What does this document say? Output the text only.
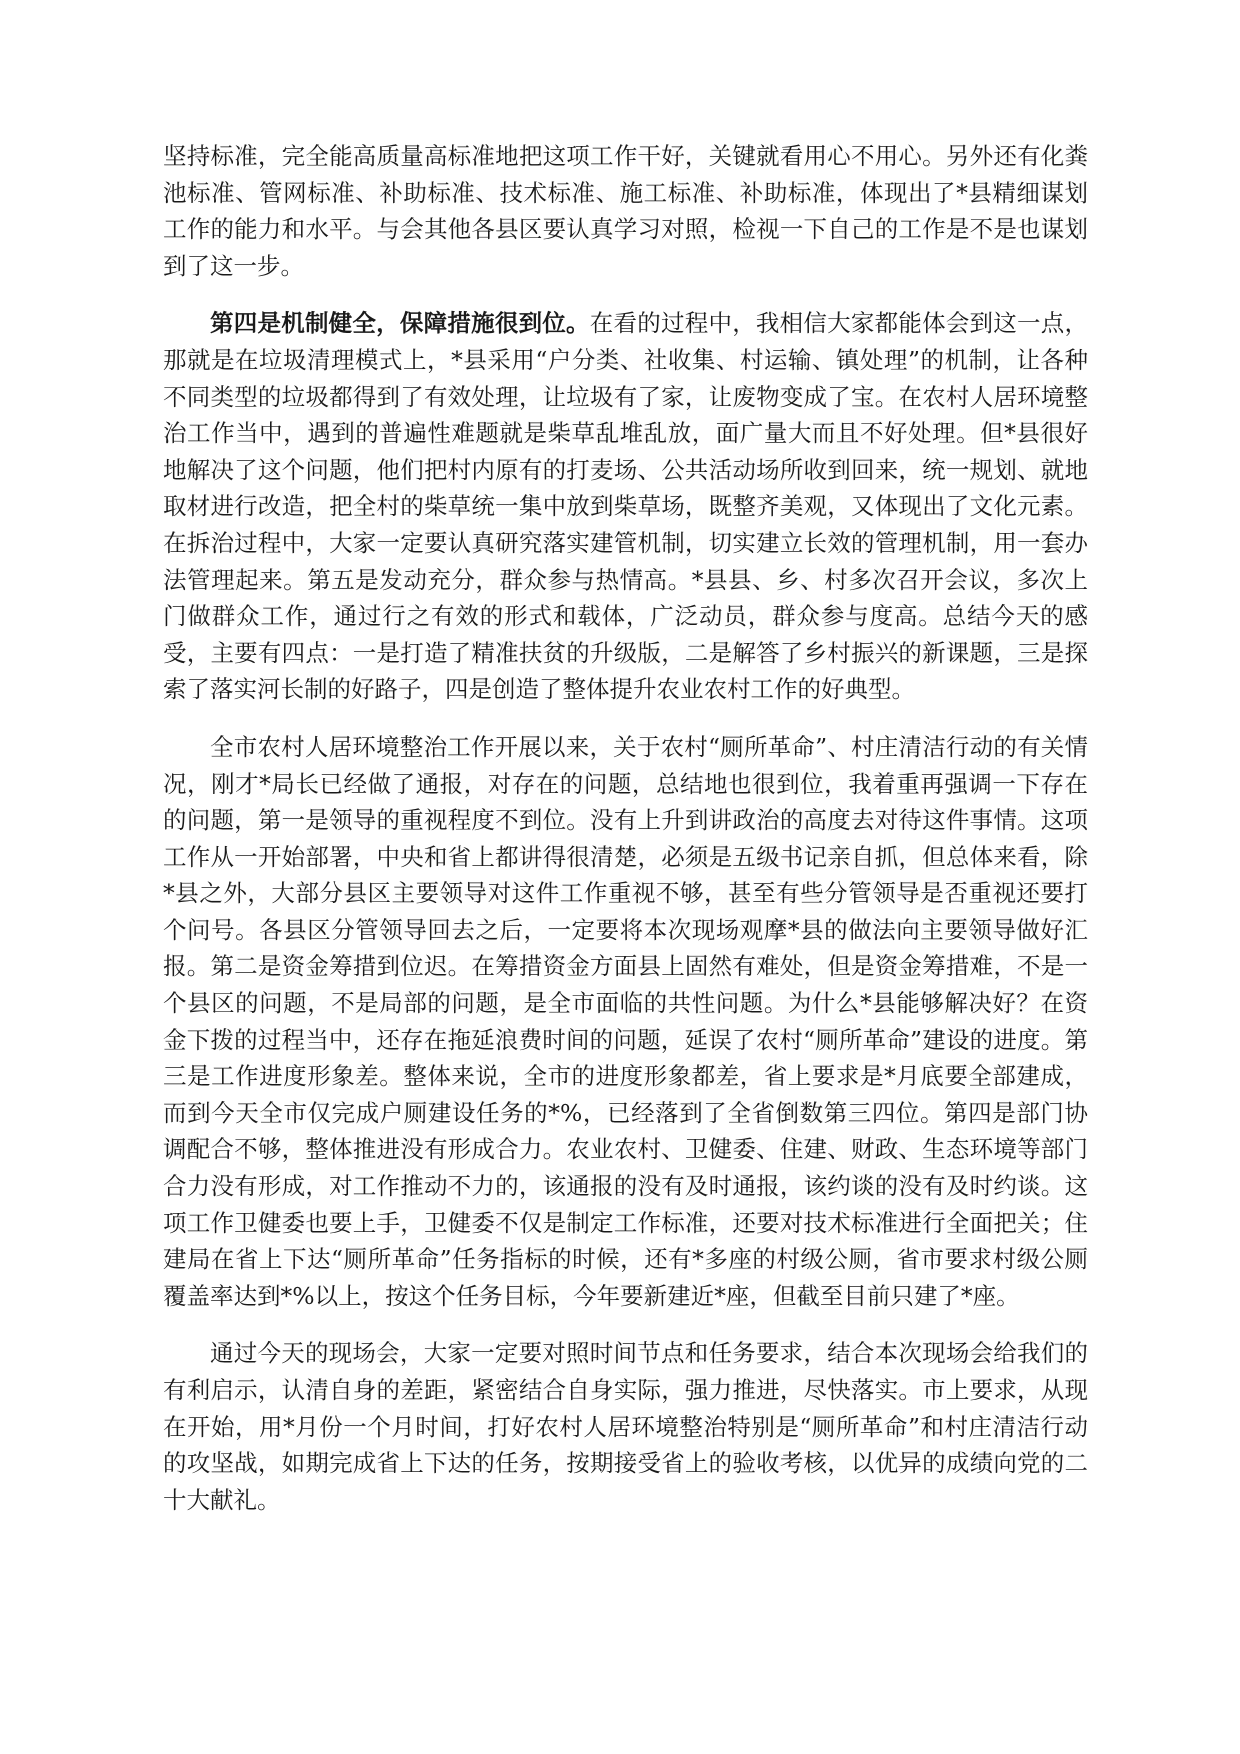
坚持标准，完全能高质量高标准地把这项工作干好，关键就看用心不用心。另外还有化粪池标准、管网标准、补助标准、技术标准、施工标准、补助标准，体现出了*县精细谋划工作的能力和水平。与会其他各县区要认真学习对照，检视一下自己的工作是不是也谋划到了这一步。

第四是机制健全，保障措施很到位。在看的过程中，我相信大家都能体会到这一点，那就是在垃圾清理模式上，*县采用“户分类、社收集、村运输、镇处理”的机制，让各种不同类型的垃圾都得到了有效处理，让垃圾有了家，让废物变成了宝。在农村人居环境整治工作当中，遇到的普遍性难题就是柴草乱堆乱放，面广量大而且不好处理。但*县很好地解决了这个问题，他们把村内原有的打麦场、公共活动场所收到回来，统一规划、就地取材进行改造，把全村的柴草统一集中放到柴草场，既整齐美观，又体现出了文化元素。在拆治过程中，大家一定要认真研究落实建管机制，切实建立长效的管理机制，用一套办法管理起来。第五是发动充分，群众参与热情高。*县县、乡、村多次召开会议，多次上门做群众工作，通过行之有效的形式和载体，广泛动员，群众参与度高。总结今天的感受，主要有四点：一是打造了精准扶贫的升级版，二是解答了乡村振兴的新课题，三是探索了落实河长制的好路子，四是创造了整体提升农业农村工作的好典型。

全市农村人居环境整治工作开展以来，关于农村“厕所革命”、村庄清洁行动的有关情况，刚才*局长已经做了通报，对存在的问题，总结地也很到位，我着重再强调一下存在的问题，第一是领导的重视程度不到位。没有上升到讲政治的高度去对待这件事情。这项工作从一开始部署，中央和省上都讲得很清楚，必须是五级书记亲自抓，但总体来看，除*县之外，大部分县区主要领导对这件工作重视不够，甚至有些分管领导是否重视还要打个问号。各县区分管领导回去之后，一定要将本次现场观摩*县的做法向主要领导做好汇报。第二是资金筹措到位迟。在筹措资金方面县上固然有难处，但是资金筹措难，不是一个县区的问题，不是局部的问题，是全市面临的共性问题。为什么*县能够解决好？在资金下拨的过程当中，还存在拖延浪费时间的问题，延误了农村“厕所革命”建设的进度。第三是工作进度形象差。整体来说，全市的进度形象都差，省上要求是*月底要全部建成，而到今天全市仅完成户厕建设任务的*%，已经落到了全省倒数第三四位。第四是部门协调配合不够，整体推进没有形成合力。农业农村、卫健委、住建、财政、生态环境等部门合力没有形成，对工作推动不力的，该通报的没有及时通报，该约谈的没有及时约谈。这项工作卫健委也要上手，卫健委不仅是制定工作标准，还要对技术标准进行全面把关；住建局在省上下达“厕所革命”任务指标的时候，还有*多座的村级公厕，省市要求村级公厕覆盖率达到*%以上，按这个任务目标，今年要新建近*座，但截至目前只建了*座。

通过今天的现场会，大家一定要对照时间节点和任务要求，结合本次现场会给我们的有利启示，认清自身的差距，紧密结合自身实际，强力推进，尽快落实。市上要求，从现在开始，用*月份一个月时间，打好农村人居环境整治特别是“厕所革命”和村庄清洁行动的攻坚战，如期完成省上下达的任务，按期接受省上的验收考核，以优异的成绩向党的二十大献礼。
